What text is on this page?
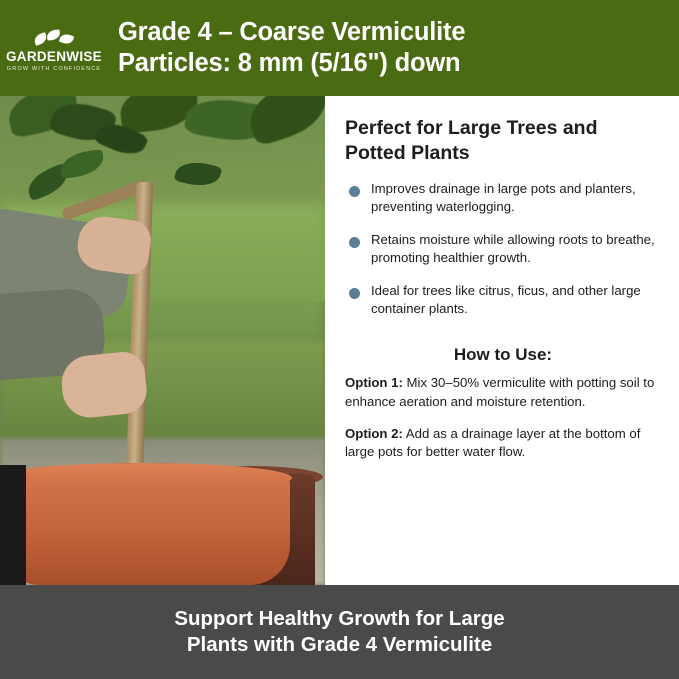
GARDENWISE
GROW WITH CONFIDENCE
Grade 4 – Coarse Vermiculite
Particles: 8 mm (5/16") down
Perfect for Large Trees and Potted Plants
Improves drainage in large pots and planters, preventing waterlogging.
Retains moisture while allowing roots to breathe, promoting healthier growth.
Ideal for trees like citrus, ficus, and other large container plants.
How to Use:
Option 1: Mix 30–50% vermiculite with potting soil to enhance aeration and moisture retention.
Option 2: Add as a drainage layer at the bottom of large pots for better water flow.
Support Healthy Growth for Large
Plants with Grade 4 Vermiculite
